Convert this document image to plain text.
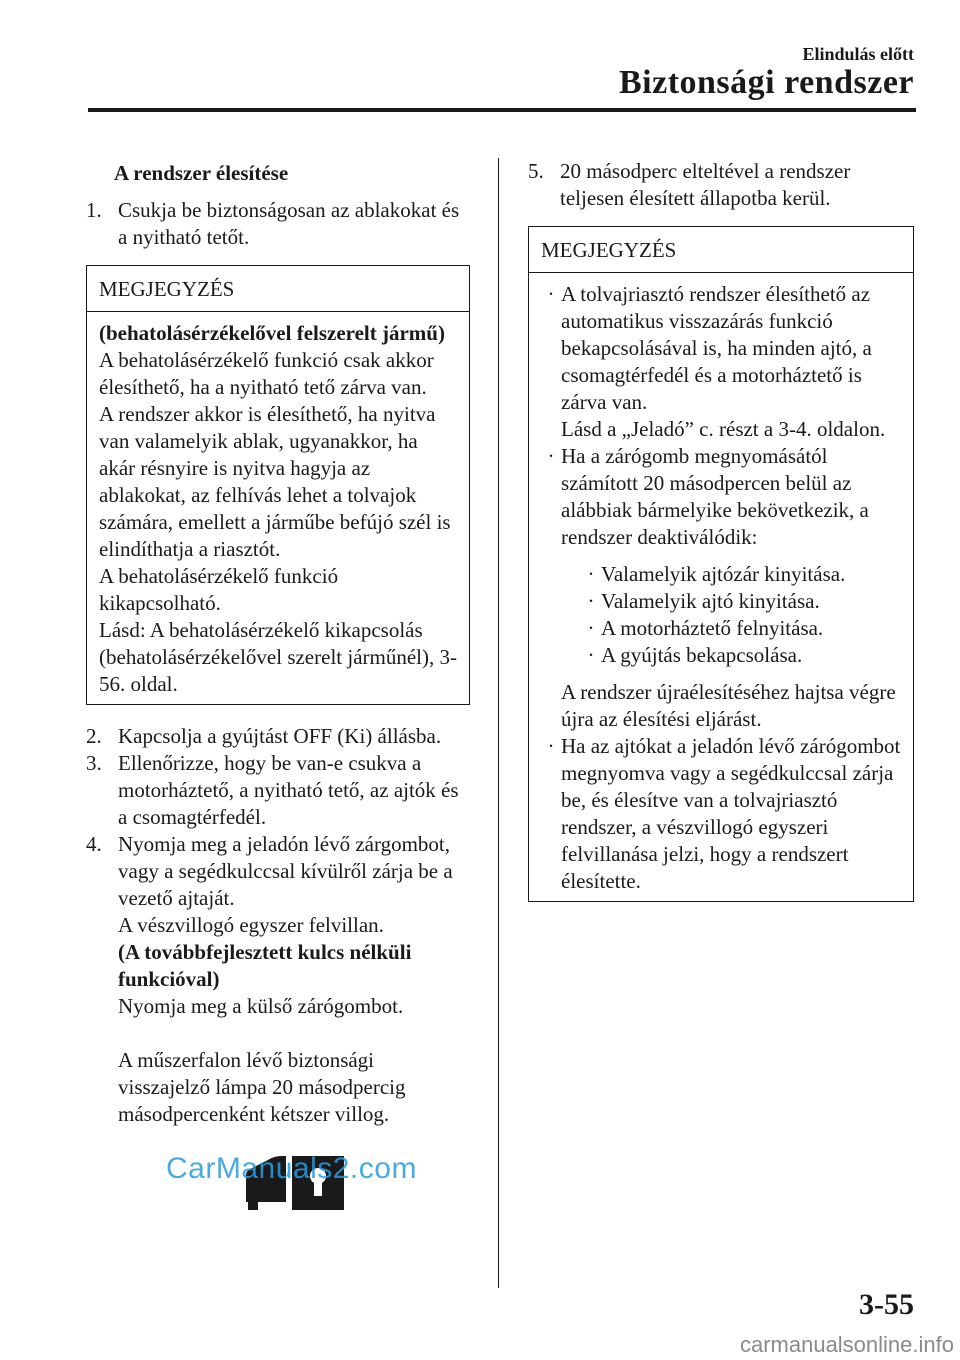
Elindulás előtt
Biztonsági rendszer
A rendszer élesítése
1. Csukja be biztonságosan az ablakokat és a nyitható tetőt.
MEGJEGYZÉS
(behatolásérzékelővel felszerelt jármű)
A behatolásérzékelő funkció csak akkor élesíthető, ha a nyitható tető zárva van.
A rendszer akkor is élesíthető, ha nyitva van valamelyik ablak, ugyanakkor, ha akár résnyire is nyitva hagyja az ablakokat, az felhívás lehet a tolvajok számára, emellett a járműbe befújó szél is elindíthatja a riasztót.
A behatolásérzékelő funkció kikapcsolható.
Lásd: A behatolásérzékelő kikapcsolás (behatolásérzékelővel szerelt járműnél), 3-56. oldal.
2. Kapcsolja a gyújtást OFF (Ki) állásba.
3. Ellenőrizze, hogy be van-e csukva a motorháztető, a nyitható tető, az ajtók és a csomagtérfedél.
4. Nyomja meg a jeladón lévő zárgombot, vagy a segédkulccsal kívülről zárja be a vezető ajtaját.
A vészvillogó egyszer felvillan.
(A továbbfejlesztett kulcs nélküli funkcióval)
Nyomja meg a külső zárógombot.
A műszerfalon lévő biztonsági visszajelző lámpa 20 másodpercig másodpercenként kétszer villog.
5. 20 másodperc elteltével a rendszer teljesen élesített állapotba kerül.
MEGJEGYZÉS
· A tolvajriasztó rendszer élesíthető az automatikus visszazárás funkció bekapcsolásával is, ha minden ajtó, a csomagtérfedél és a motorháztető is zárva van.
Lásd a „Jeladó” c. részt a 3-4. oldalon.
· Ha a zárógomb megnyomásától számított 20 másodpercen belül az alábbiak bármelyike bekövetkezik, a rendszer deaktiválódik:
· Valamelyik ajtózár kinyitása.
· Valamelyik ajtó kinyitása.
· A motorháztető felnyitása.
· A gyújtás bekapcsolása.
A rendszer újraélesítéséhez hajtsa végre újra az élesítési eljárást.
· Ha az ajtókat a jeladón lévő zárógombot megnyomva vagy a segédkulccsal zárja be, és élesítve van a tolvajriasztó rendszer, a vészvillogó egyszeri felvillanása jelzi, hogy a rendszert élesítette.
CarManuals2.com
3-55
carmanualsonline.info
